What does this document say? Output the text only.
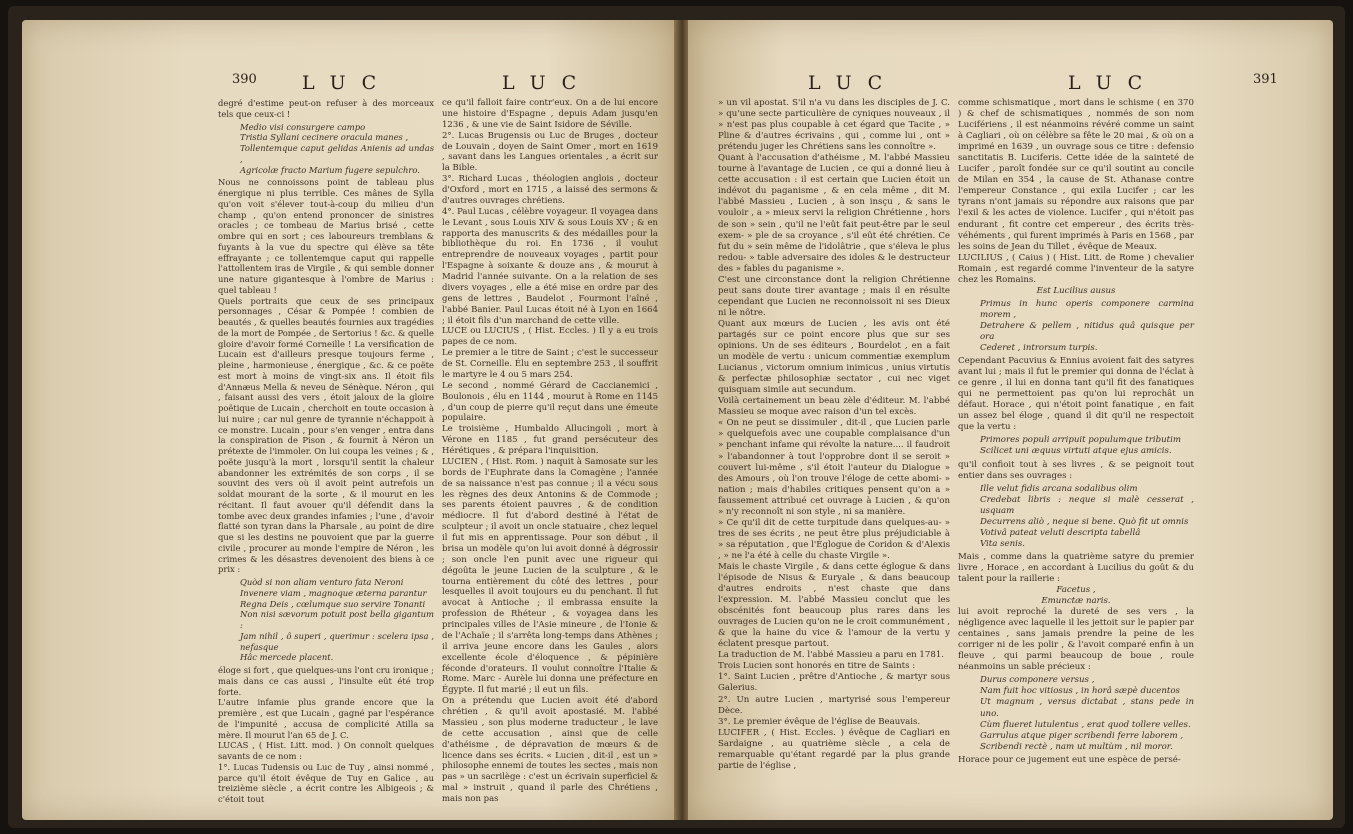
390 LUC	LUC

degré d'estime peut-on refuser à des morceaux tels que ceux-ci !

Medio visi consurgere campo
Tristia Syllani cecinere oracula manes ,
Tollentemque caput gelidas Anienis ad undas ,
Agricolæ fracto Marium fugere sepulchro.

Nous ne connoissons point de tableau plus énergique ni plus terrible. Ces mânes de Sylla qu'on voit s'élever tout-à-coup du milieu d'un champ , qu'on entend prononcer de sinistres oracles ; ce tombeau de Marius brisé , cette ombre qui en sort ; ces laboureurs tremblans & fuyants à la vue du spectre qui élève sa tête effrayante ; ce tollentemque caput qui rappelle l'attollentem iras de Virgile , & qui semble donner une nature gigantesque à l'ombre de Marius : quel tableau !

Quels portraits que ceux de ses principaux personnages , César & Pompée ! combien de beautés , & quelles beautés fournies aux tragédies de la mort de Pompée , de Sertorius ! &c. & quelle gloire d'avoir formé Corneille ! La versification de Lucain est d'ailleurs presque toujours ferme , pleine , harmonieuse , énergique , &c. & ce poëte est mort à moins de vingt-six ans. Il étoit fils d'Annæus Mella & neveu de Sénèque. Néron , qui , faisant aussi des vers , étoit jaloux de la gloire poëtique de Lucain , cherchoit en toute occasion à lui nuire ; car nul genre de tyrannie n'échappoit à ce monstre. Lucain , pour s'en venger , entra dans la conspiration de Pison , & fournit à Néron un prétexte de l'immoler. On lui coupa les veines ; & , poëte jusqu'à la mort , lorsqu'il sentit la chaleur abandonner les extrémités de son corps , il se souvint des vers où il avoit peint autrefois un soldat mourant de la sorte , & il mourut en les récitant. Il faut avouer qu'il défendit dans la tombe avec deux grandes infamies ; l'une , d'avoir flatté son tyran dans la Pharsale , au point de dire que si les destins ne pouvoient que par la guerre civile , procurer au monde l'empire de Néron , les crimes & les désastres devenoient des biens à ce prix :

Quòd si non aliam venturo fata Neroni
Invenere viam , magnoque æterna parantur
Regna Deis , cœlumque suo servire Tonanti
Non nisi sævorum potuit post bella gigantum :
Jam nihil , ô superi , querimur : scelera ipsa , nefasque
Hâc mercede placent.

éloge si fort , que quelques-uns l'ont cru ironique ; mais dans ce cas aussi , l'insulte eût été trop forte.

L'autre infamie plus grande encore que la première , est que Lucain , gagné par l'espérance de l'impunité , accusa de complicité Atilla sa mère. Il mourut l'an 65 de J. C.

LUCAS , ( Hist. Litt. mod. ) On connoît quelques savants de ce nom :

1°. Lucas Tudensis ou Luc de Tuy , ainsi nommé , parce qu'il étoit évêque de Tuy en Galice , au treizième siècle , a écrit contre les Albigeois ; & c'étoit tout

ce qu'il falloit faire contr'eux. On a de lui encore une histoire d'Espagne , depuis Adam jusqu'en 1236 , & une vie de Saint Isidore de Séville.

2°. Lucas Brugensis ou Luc de Bruges , docteur de Louvain , doyen de Saint Omer , mort en 1619 , savant dans les Langues orientales , a écrit sur la Bible.

3°. Richard Lucas , théologien anglois , docteur d'Oxford , mort en 1715 , a laissé des sermons & d'autres ouvrages chrétiens.

4°. Paul Lucas , célèbre voyageur. Il voyagea dans le Levant , sous Louis XIV & sous Louis XV ; & en rapporta des manuscrits & des médailles pour la bibliothèque du roi. En 1736 , il voulut entreprendre de nouveaux voyages , partit pour l'Espagne à soixante & douze ans , & mourut à Madrid l'année suivante. On a la relation de ses divers voyages , elle a été mise en ordre par des gens de lettres , Baudelot , Fourmont l'aîné , l'abbé Banier. Paul Lucas étoit né à Lyon en 1664 ; il étoit fils d'un marchand de cette ville.

LUCE ou LUCIUS , ( Hist. Eccles. ) Il y a eu trois papes de ce nom.

Le premier a le titre de Saint ; c'est le successeur de St. Corneille. Élu en septembre 253 , il souffrit le martyre le 4 ou 5 mars 254.

Le second , nommé Gérard de Caccianemici , Boulonois , élu en 1144 , mourut à Rome en 1145 , d'un coup de pierre qu'il reçut dans une émeute populaire.

Le troisième , Humbaldo Allucingoli , mort à Vérone en 1185 , fut grand persécuteur des Hérétiques , & prépara l'inquisition.

LUCIEN , ( Hist. Rom. ) naquit à Samosate sur les bords de l'Euphrate dans la Comagène ; l'année de sa naissance n'est pas connue ; il a vécu sous les règnes des deux Antonins & de Commode ; ses parents étoient pauvres , & de condition médiocre. Il fut d'abord destiné à l'état de sculpteur ; il avoit un oncle statuaire , chez lequel il fut mis en apprentissage. Pour son début , il brisa un modèle qu'on lui avoit donné à dégrossir ; son oncle l'en punit avec une rigueur qui dégoûta le jeune Lucien de la sculpture , & le tourna entièrement du côté des lettres , pour lesquelles il avoit toujours eu du penchant. Il fut avocat à Antioche ; il embrassa ensuite la profession de Rhéteur , & voyagea dans les principales villes de l'Asie mineure , de l'Ionie & de l'Achaïe ; il s'arrêta long-temps dans Athènes ; il arriva jeune encore dans les Gaules , alors excellente école d'éloquence , & pépinière féconde d'orateurs. Il voulut connoître l'Italie & Rome. Marc - Aurèle lui donna une préfecture en Égypte. Il fut marié ; il eut un fils.

On a prétendu que Lucien avoit été d'abord chrétien , & qu'il avoit apostasié. M. l'abbé Massieu , son plus moderne traducteur , le lave de cette accusation , ainsi que de celle d'athéisme , de dépravation de mœurs & de licence dans ses écrits. « Lucien , dit-il , est un » philosophe ennemi de toutes les sectes , mais non pas » un sacrilège : c'est un écrivain superficiel & mal » instruit , quand il parle des Chrétiens , mais non pas

LUC	LUC	391

» un vil apostat. S'il n'a vu dans les disciples de J. C. » qu'une secte particulière de cyniques nouveaux , il » n'est pas plus coupable à cet égard que Tacite , » Pline & d'autres écrivains , qui , comme lui , ont » prétendu juger les Chrétiens sans les connoître ».

Quant à l'accusation d'athéisme , M. l'abbé Massieu tourne à l'avantage de Lucien , ce qui a donné lieu à cette accusation : il est certain que Lucien étoit un indévot du paganisme , & en cela même , dit M. l'abbé Massieu , Lucien , à son insçu , & sans le vouloir , a » mieux servi la religion Chrétienne , hors de son » sein , qu'il ne l'eût fait peut-être par le seul exem- » ple de sa croyance , s'il eût été chrétien. Ce fut du » sein même de l'idolâtrie , que s'éleva le plus redou- » table adversaire des idoles & le destructeur des » fables du paganisme ».

C'est une circonstance dont la religion Chrétienne peut sans doute tirer avantage ; mais il en résulte cependant que Lucien ne reconnoissoit ni ses Dieux ni le nôtre.

Quant aux mœurs de Lucien , les avis ont été partagés sur ce point encore plus que sur ses opinions. Un de ses éditeurs , Bourdelot , en a fait un modèle de vertu : unicum commentiæ exemplum Lucianus , victorum omnium inimicus , unius virtutis & perfectæ philosophiæ sectator , cui nec viget quisquam simile aut secundum.

Voilà certainement un beau zèle d'éditeur. M. l'abbé Massieu se moque avec raison d'un tel excès.

« On ne peut se dissimuler , dit-il , que Lucien parle » quelquefois avec une coupable complaisance d'un » penchant infame qui révolte la nature.... il faudroit » l'abandonner à tout l'opprobre dont il se seroit » couvert lui-même , s'il étoit l'auteur du Dialogue » des Amours , où l'on trouve l'éloge de cette abomi- » nation ; mais d'habiles critiques pensent qu'on a » faussement attribué cet ouvrage à Lucien , & qu'on » n'y reconnoît ni son style , ni sa manière.

» Ce qu'il dit de cette turpitude dans quelques-au- » tres de ses écrits , ne peut être plus préjudiciable à » sa réputation , que l'Églogue de Coridon & d'Alexis , » ne l'a été à celle du chaste Virgile ».

Mais le chaste Virgile , & dans cette églogue & dans l'épisode de Nisus & Euryale , & dans beaucoup d'autres endroits , n'est chaste que dans l'expression. M. l'abbé Massieu conclut que les obscénités font beaucoup plus rares dans les ouvrages de Lucien qu'on ne le croit communément , & que la haine du vice & l'amour de la vertu y éclatent presque partout.

La traduction de M. l'abbé Massieu a paru en 1781.

Trois Lucien sont honorés en titre de Saints :

1°. Saint Lucien , prêtre d'Antioche , & martyr sous Galerius.

2°. Un autre Lucien , martyrisé sous l'empereur Dèce.

3°. Le premier évêque de l'église de Beauvais.

LUCIFER , ( Hist. Eccles. ) évêque de Cagliari en Sardaigne , au quatrième siècle , a cela de remarquable qu'étant regardé par la plus grande partie de l'église ,

comme schismatique , mort dans le schisme ( en 370 ) & chef de schismatiques , nommés de son nom Lucifériens , il est néanmoins révéré comme un saint à Cagliari , où on célèbre sa fête le 20 mai , & où on a imprimé en 1639 , un ouvrage sous ce titre : defensio sanctitatis B. Luciferis. Cette idée de la sainteté de Lucifer , paroît fondée sur ce qu'il soutint au concile de Milan en 354 , la cause de St. Athanase contre l'empereur Constance , qui exila Lucifer ; car les tyrans n'ont jamais su répondre aux raisons que par l'exil & les actes de violence. Lucifer , qui n'étoit pas endurant , fit contre cet empereur , des écrits très-véhéments , qui furent imprimés à Paris en 1568 , par les soins de Jean du Tillet , évêque de Meaux.

LUCILIUS , ( Caius ) ( Hist. Litt. de Rome ) chevalier Romain , est regardé comme l'inventeur de la satyre chez les Romains.

Est Lucilius ausus

Primus in hunc operis componere carmina morem ,
Detrahere & pellem , nitidus quâ quisque per ora
Cederet , introrsum turpis.

Cependant Pacuvius & Ennius avoient fait des satyres avant lui ; mais il fut le premier qui donna de l'éclat à ce genre , il lui en donna tant qu'il fit des fanatiques qui ne permettoient pas qu'on lui reprochât un défaut. Horace , qui n'étoit point fanatique , en fait un assez bel éloge , quand il dit qu'il ne respectoit que la vertu :

Primores populi arripuit populumque tributim
Scilicet uni æquus virtuti atque ejus amicis.

qu'il confioit tout à ses livres , & se peignoit tout entier dans ses ouvrages :

Ille velut fidis arcana sodalibus olim
Credebat libris : neque si malè cesserat , usquam
Decurrens aliò , neque si bene. Quò fit ut omnis
Votivâ pateat veluti descripta tabellâ
Vita senis.

Mais , comme dans la quatrième satyre du premier livre , Horace , en accordant à Lucilius du goût & du talent pour la raillerie :

Facetus ,

Emunctæ naris.

lui avoit reproché la dureté de ses vers , la négligence avec laquelle il les jettoit sur le papier par centaines , sans jamais prendre la peine de les corriger ni de les polir , & l'avoit comparé enfin à un fleuve , qui parmi beaucoup de boue , roule néanmoins un sable précieux :

Durus componere versus ,
Nam fuit hoc vitiosus , in horâ sæpè ducentos
Ut magnum , versus dictabat , stans pede in uno.
Cùm flueret lutulentus , erat quod tollere velles.
Garrulus atque piger scribendi ferre laborem ,
Scribendi rectè , nam ut multùm , nil moror.

Horace pour ce jugement eut une espèce de persé-
